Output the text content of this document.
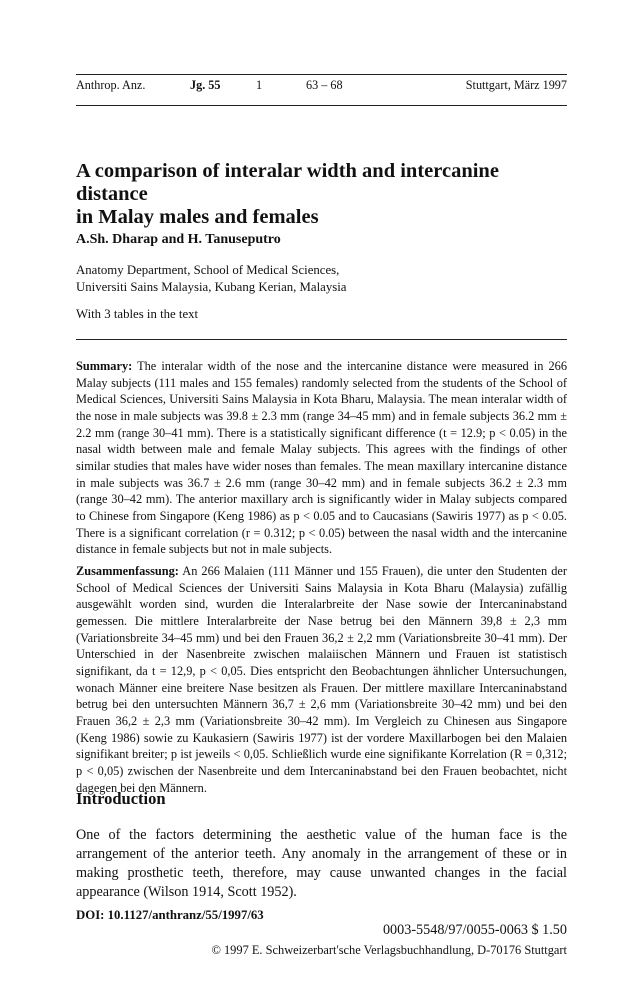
Anthrop. Anz.	Jg. 55	1	63 – 68	Stuttgart, März 1997
A comparison of interalar width and intercanine distance
in Malay males and females

A.Sh. Dharap and H. Tanuseputro

Anatomy Department, School of Medical Sciences,
Universiti Sains Malaysia, Kubang Kerian, Malaysia
With 3 tables in the text

Summary: The interalar width of the nose and the intercanine distance were measured in 266 Malay subjects (111 males and 155 females) randomly selected from the students of the School of Medical Sciences, Universiti Sains Malaysia in Kota Bharu, Malaysia. The mean interalar width of the nose in male subjects was 39.8 ± 2.3 mm (range 34–45 mm) and in female subjects 36.2 mm ± 2.2 mm (range 30–41 mm). There is a statistically significant difference (t = 12.9; p < 0.05) in the nasal width between male and female Malay subjects. This agrees with the findings of other similar studies that males have wider noses than females. The mean maxillary intercanine distance in male subjects was 36.7 ± 2.6 mm (range 30–42 mm) and in female subjects 36.2 ± 2.3 mm (range 30–42 mm). The anterior maxillary arch is significantly wider in Malay subjects compared to Chinese from Singapore (Keng 1986) as p < 0.05 and to Caucasians (Sawiris 1977) as p < 0.05. There is a significant correlation (r = 0.312; p < 0.05) between the nasal width and the intercanine distance in female subjects but not in male subjects.

Zusammenfassung: An 266 Malaien (111 Männer und 155 Frauen), die unter den Studenten der School of Medical Sciences der Universiti Sains Malaysia in Kota Bharu (Malaysia) zufällig ausgewählt worden sind, wurden die Interalarbreite der Nase sowie der Intercaninabstand gemessen. Die mittlere Interalarbreite der Nase betrug bei den Männern 39,8 ± 2,3 mm (Variationsbreite 34–45 mm) und bei den Frauen 36,2 ± 2,2 mm (Variationsbreite 30–41 mm). Der Unterschied in der Nasenbreite zwischen malaiischen Männern und Frauen ist statistisch signifikant, da t = 12,9, p < 0,05. Dies entspricht den Beobachtungen ähnlicher Untersuchungen, wonach Männer eine breitere Nase besitzen als Frauen. Der mittlere maxillare Intercaninabstand betrug bei den untersuchten Männern 36,7 ± 2,6 mm (Variationsbreite 30–42 mm) und bei den Frauen 36,2 ± 2,3 mm (Variationsbreite 30–42 mm). Im Vergleich zu Chinesen aus Singapore (Keng 1986) sowie zu Kaukasiern (Sawiris 1977) ist der vordere Maxillarbogen bei den Malaien signifikant breiter; p ist jeweils < 0,05. Schließlich wurde eine signifikante Korrelation (R = 0,312; p < 0,05) zwischen der Nasenbreite und dem Intercaninabstand bei den Frauen beobachtet, nicht dagegen bei den Männern.

Introduction

One of the factors determining the aesthetic value of the human face is the arrangement of the anterior teeth. Any anomaly in the arrangement of these or in making prosthetic teeth, therefore, may cause unwanted changes in the facial appearance (Wilson 1914, Scott 1952).

DOI: 10.1127/anthranz/55/1997/63
0003-5548/97/0055-0063 $ 1.50
© 1997 E. Schweizerbart'sche Verlagsbuchhandlung, D-70176 Stuttgart
